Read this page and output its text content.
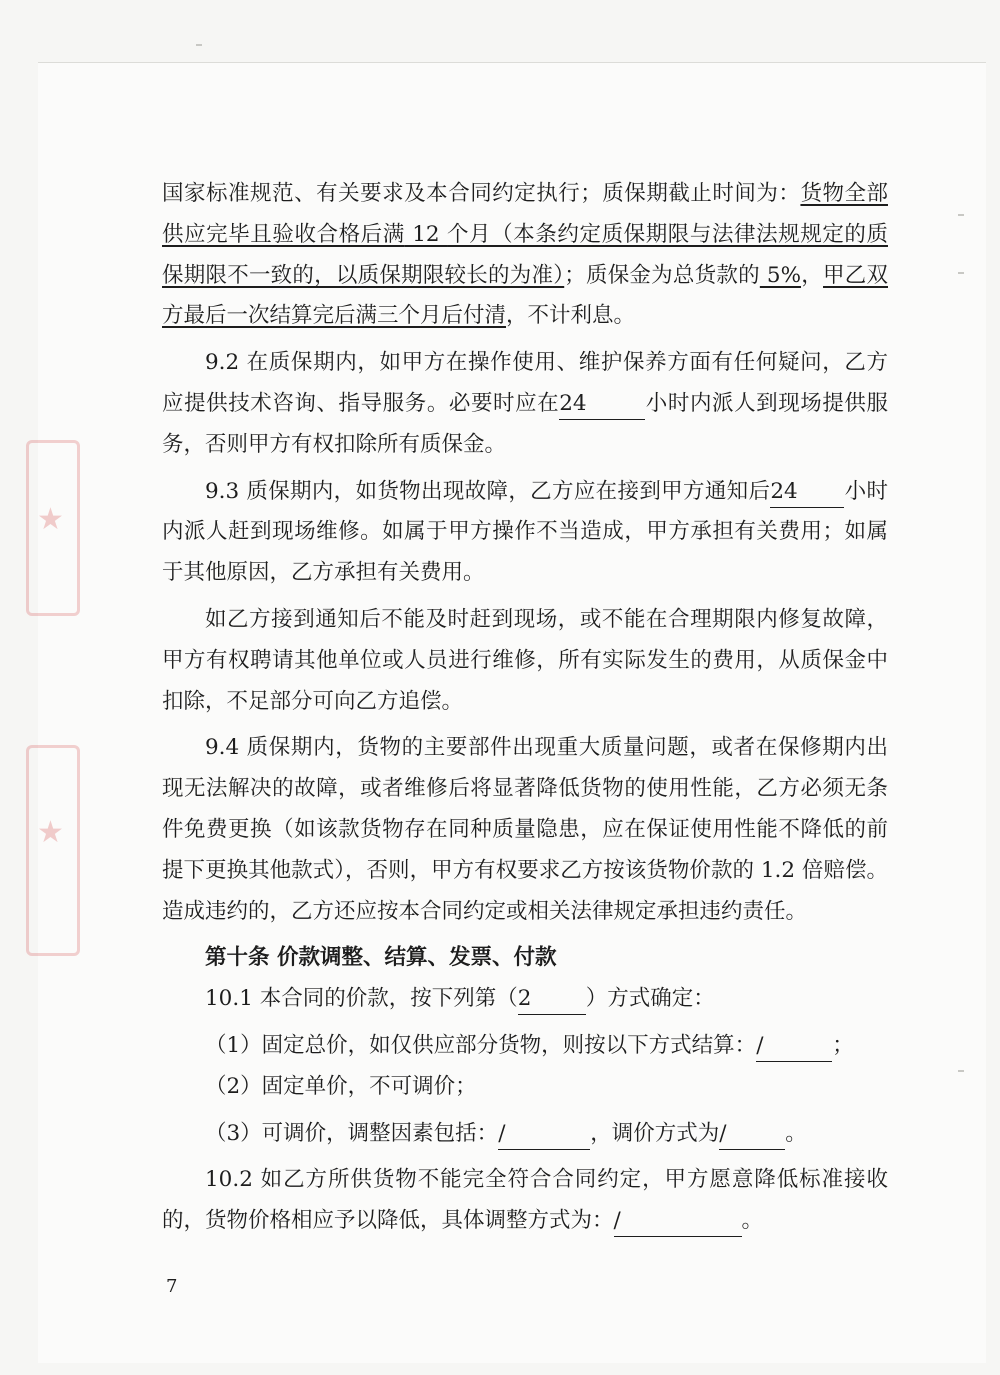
★
★

国家标准规范、有关要求及本合同约定执行；质保期截止时间为：货物全部供应完毕且验收合格后满 12 个月（本条约定质保期限与法律法规规定的质保期限不一致的，以质保期限较长的为准）；质保金为总货款的 5%，甲乙双方最后一次结算完后满三个月后付清，不计利息。

9.2 在质保期内，如甲方在操作使用、维护保养方面有任何疑问，乙方应提供技术咨询、指导服务。必要时应在24	小时内派人到现场提供服务，否则甲方有权扣除所有质保金。

9.3 质保期内，如货物出现故障，乙方应在接到甲方通知后24 小时内派人赶到现场维修。如属于甲方操作不当造成，甲方承担有关费用；如属于其他原因，乙方承担有关费用。

如乙方接到通知后不能及时赶到现场，或不能在合理期限内修复故障，甲方有权聘请其他单位或人员进行维修，所有实际发生的费用，从质保金中扣除，不足部分可向乙方追偿。

9.4 质保期内，货物的主要部件出现重大质量问题，或者在保修期内出现无法解决的故障，或者维修后将显著降低货物的使用性能，乙方必须无条件免费更换（如该款货物存在同种质量隐患，应在保证使用性能不降低的前提下更换其他款式），否则，甲方有权要求乙方按该货物价款的 1.2 倍赔偿。造成违约的，乙方还应按本合同约定或相关法律规定承担违约责任。

第十条 价款调整、结算、发票、付款

10.1 本合同的价款，按下列第（2	）方式确定：

（1）固定总价，如仅供应部分货物，则按以下方式结算：/	；

（2）固定单价，不可调价；

（3）可调价，调整因素包括：/	，调价方式为/	。

10.2 如乙方所供货物不能完全符合合同约定，甲方愿意降低标准接收的，货物价格相应予以降低，具体调整方式为：/	。

7
